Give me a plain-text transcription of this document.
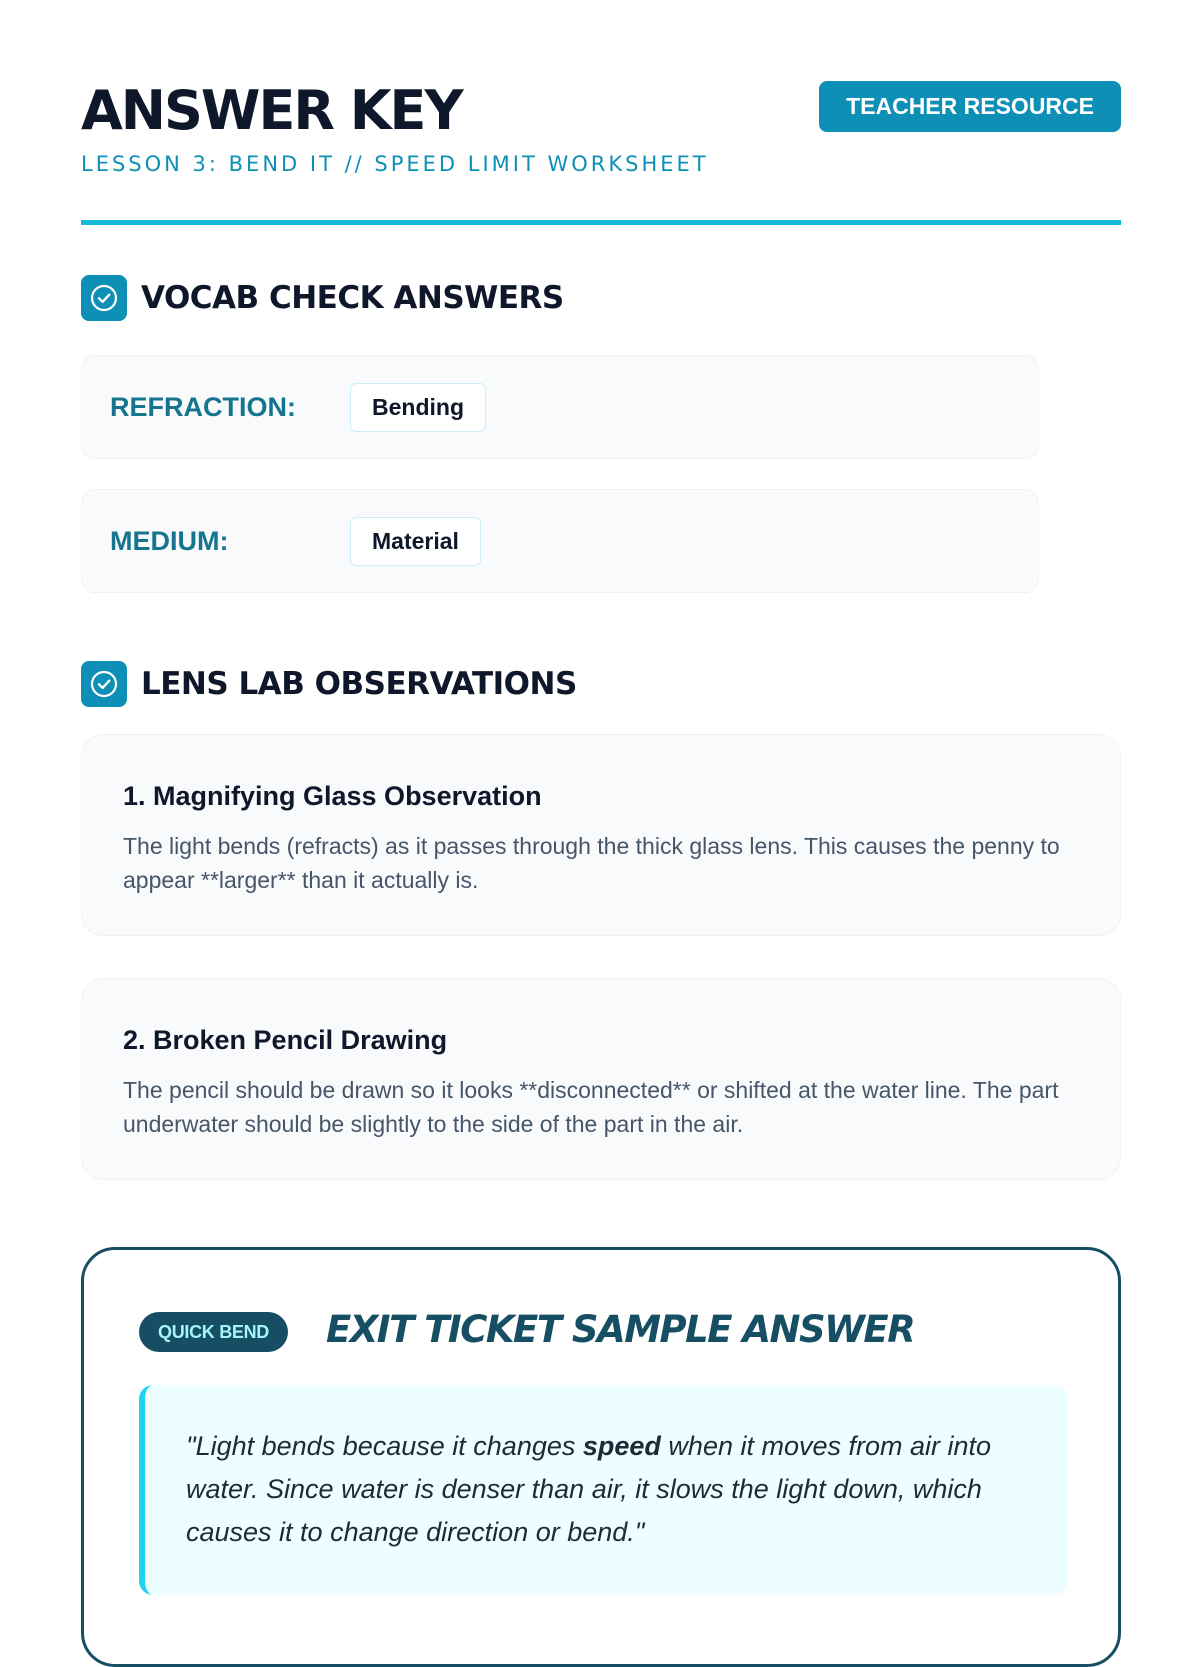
ANSWER KEY
LESSON 3: BEND IT // SPEED LIMIT WORKSHEET
TEACHER RESOURCE
VOCAB CHECK ANSWERS
REFRACTION:	Bending
MEDIUM:	Material
LENS LAB OBSERVATIONS
1. Magnifying Glass Observation
The light bends (refracts) as it passes through the thick glass lens. This causes the penny to appear **larger** than it actually is.
2. Broken Pencil Drawing
The pencil should be drawn so it looks **disconnected** or shifted at the water line. The part underwater should be slightly to the side of the part in the air.
QUICK BEND	EXIT TICKET SAMPLE ANSWER
"Light bends because it changes speed when it moves from air into water. Since water is denser than air, it slows the light down, which causes it to change direction or bend."
